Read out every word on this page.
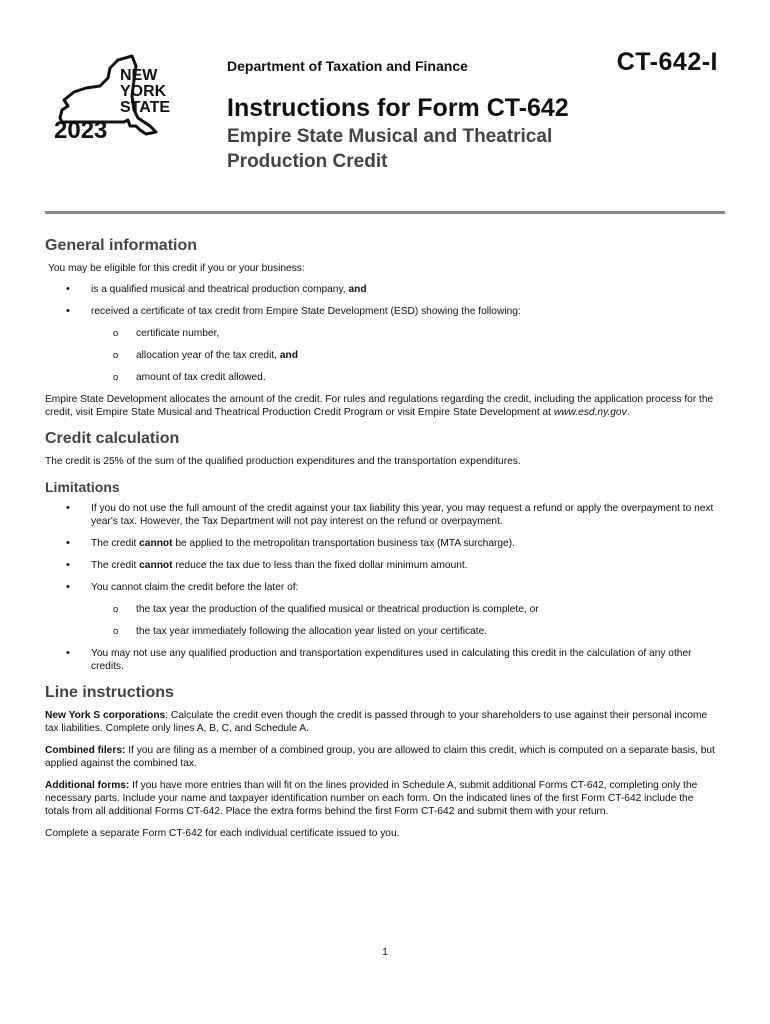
NEW
YORK
STATE
2023
Department of Taxation and Finance	CT-642-I
Instructions for Form CT-642
Empire State Musical and Theatrical Production Credit
General information

You may be eligible for this credit if you or your business:

• is a qualified musical and theatrical production company, and
• received a certificate of tax credit from Empire State Development (ESD) showing the following:
o certificate number,
o allocation year of the tax credit, and
o amount of tax credit allowed.

Empire State Development allocates the amount of the credit. For rules and regulations regarding the credit, including the application process for the credit, visit Empire State Musical and Theatrical Production Credit Program or visit Empire State Development at www.esd.ny.gov.

Credit calculation

The credit is 25% of the sum of the qualified production expenditures and the transportation expenditures.

Limitations
• If you do not use the full amount of the credit against your tax liability this year, you may request a refund or apply the overpayment to next year's tax. However, the Tax Department will not pay interest on the refund or overpayment.
• The credit cannot be applied to the metropolitan transportation business tax (MTA surcharge).
• The credit cannot reduce the tax due to less than the fixed dollar minimum amount.
• You cannot claim the credit before the later of:
o the tax year the production of the qualified musical or theatrical production is complete, or
o the tax year immediately following the allocation year listed on your certificate.
• You may not use any qualified production and transportation expenditures used in calculating this credit in the calculation of any other credits.
Line instructions

New York S corporations: Calculate the credit even though the credit is passed through to your shareholders to use against their personal income tax liabilities. Complete only lines A, B, C, and Schedule A.

Combined filers: If you are filing as a member of a combined group, you are allowed to claim this credit, which is computed on a separate basis, but applied against the combined tax.

Additional forms: If you have more entries than will fit on the lines provided in Schedule A, submit additional Forms CT-642, completing only the necessary parts. Include your name and taxpayer identification number on each form. On the indicated lines of the first Form CT-642 include the totals from all additional Forms CT-642. Place the extra forms behind the first Form CT-642 and submit them with your return.

Complete a separate Form CT-642 for each individual certificate issued to you.

1
